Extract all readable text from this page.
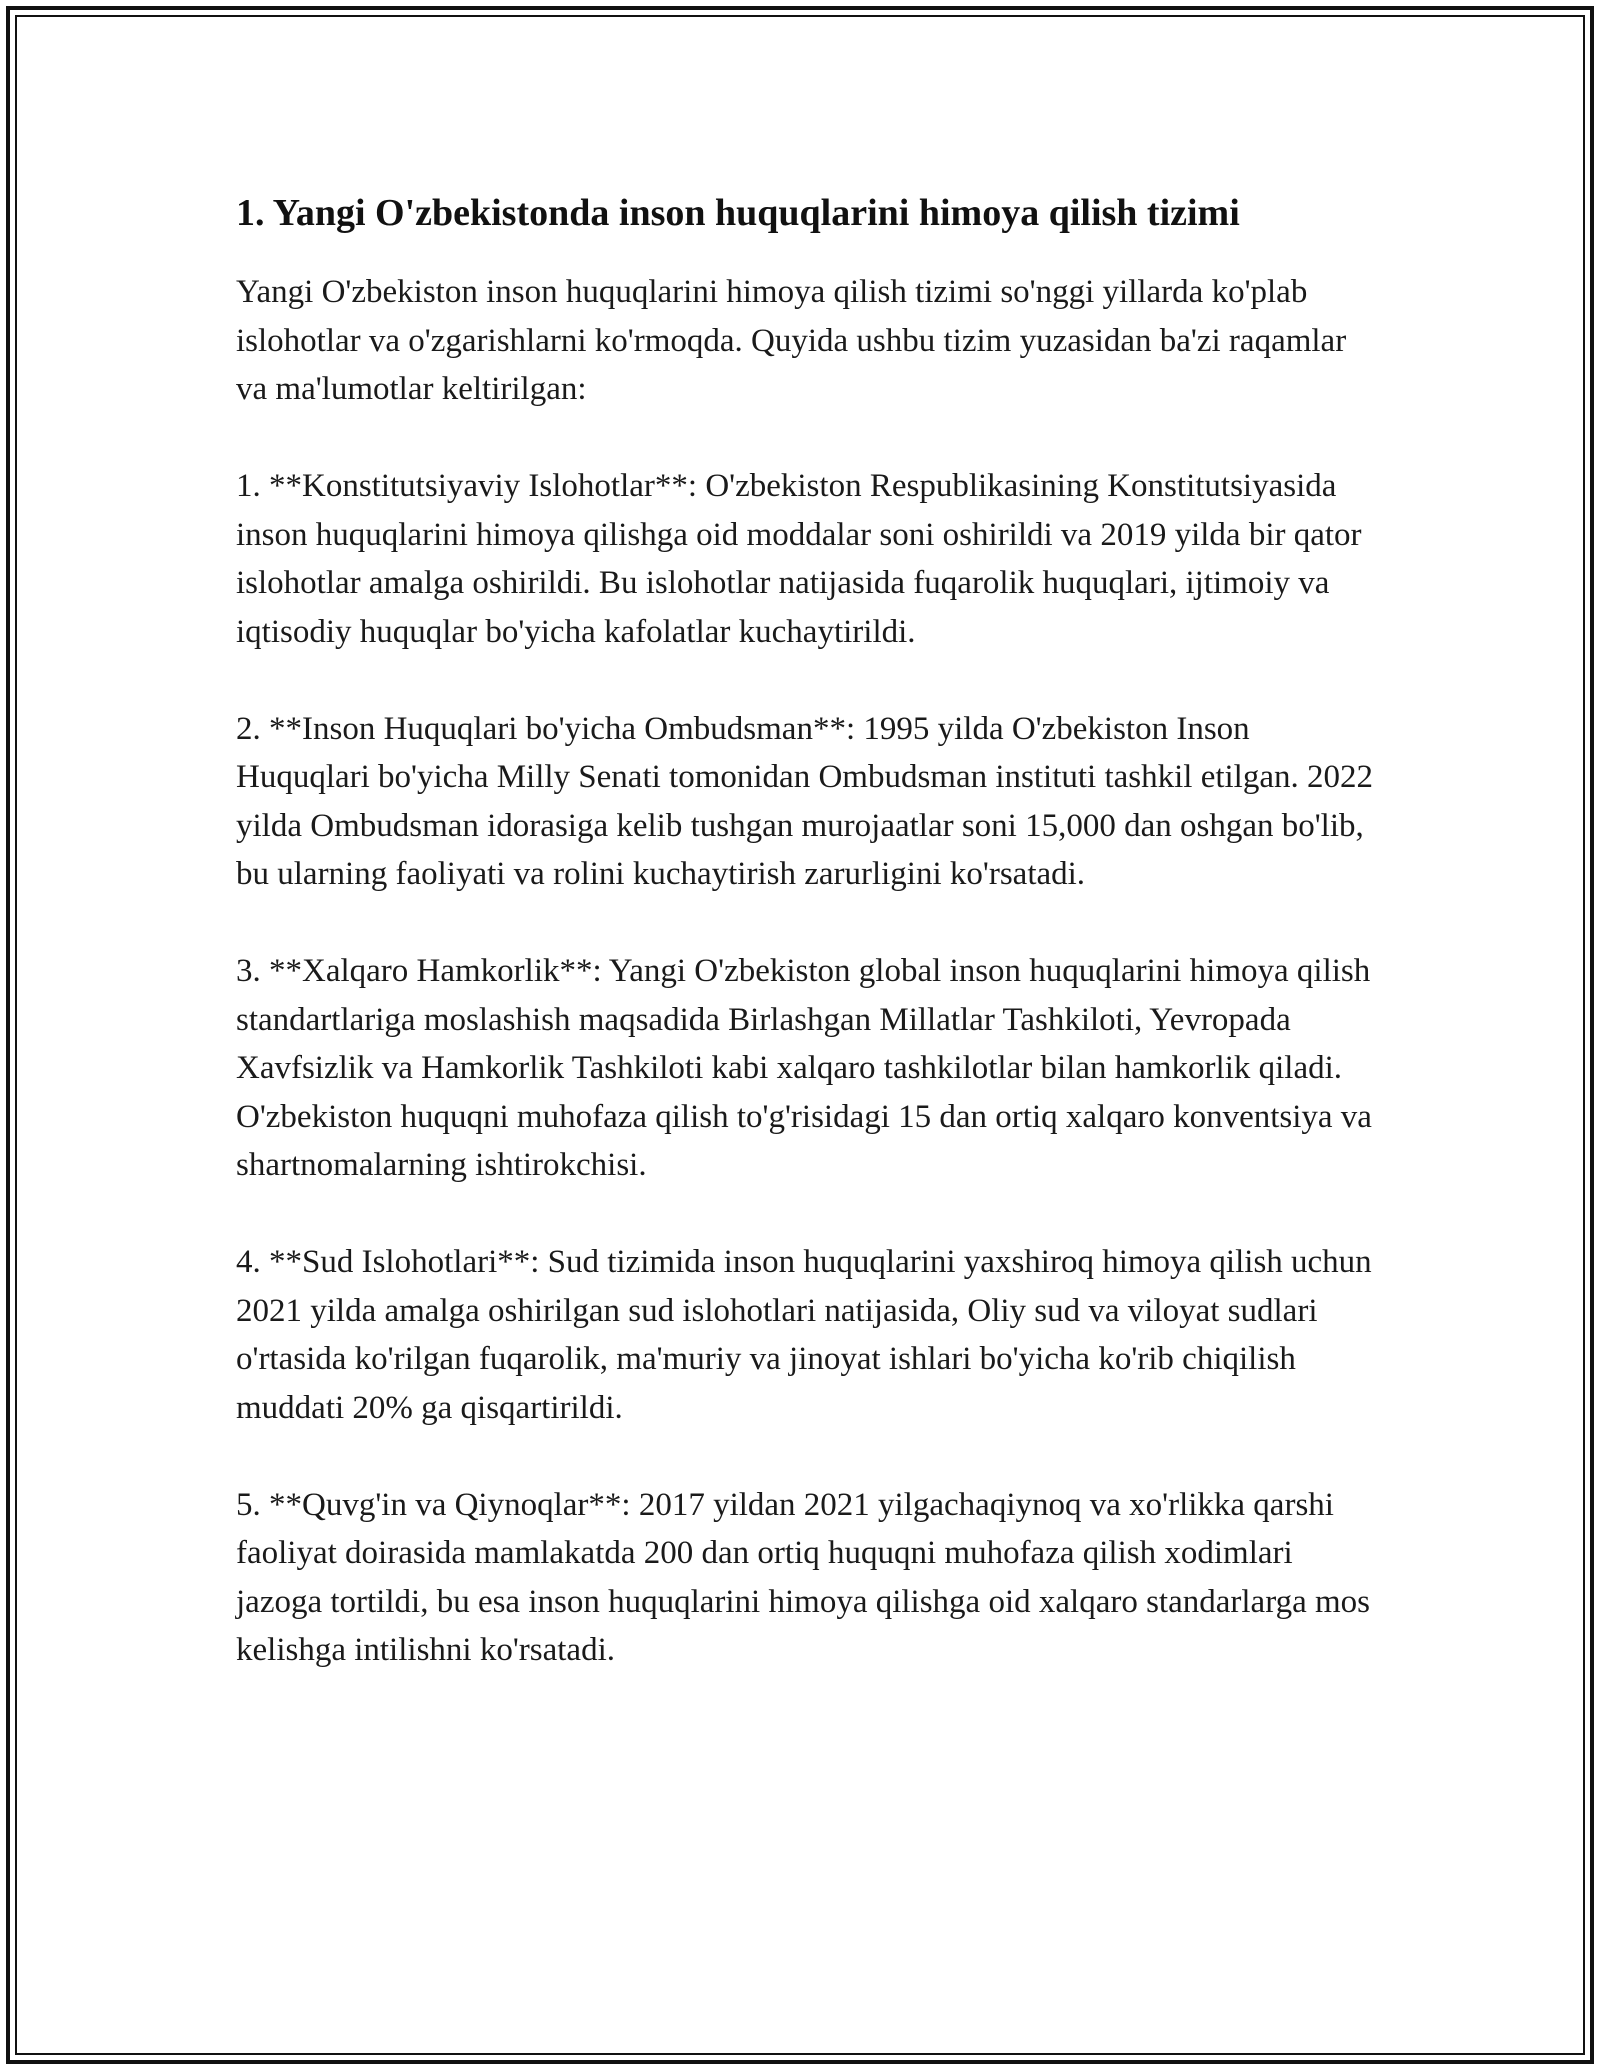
1. Yangi O'zbekistonda inson huquqlarini himoya qilish tizimi

Yangi O'zbekiston inson huquqlarini himoya qilish tizimi so'nggi yillarda ko'plab islohotlar va o'zgarishlarni ko'rmoqda. Quyida ushbu tizim yuzasidan ba'zi raqamlar va ma'lumotlar keltirilgan:

1. **Konstitutsiyaviy Islohotlar**: O'zbekiston Respublikasining Konstitutsiyasida inson huquqlarini himoya qilishga oid moddalar soni oshirildi va 2019 yilda bir qator islohotlar amalga oshirildi. Bu islohotlar natijasida fuqarolik huquqlari, ijtimoiy va iqtisodiy huquqlar bo'yicha kafolatlar kuchaytirildi.

2. **Inson Huquqlari bo'yicha Ombudsman**: 1995 yilda O'zbekiston Inson Huquqlari bo'yicha Milly Senati tomonidan Ombudsman instituti tashkil etilgan. 2022 yilda Ombudsman idorasiga kelib tushgan murojaatlar soni 15,000 dan oshgan bo'lib, bu ularning faoliyati va rolini kuchaytirish zarurligini ko'rsatadi.

3. **Xalqaro Hamkorlik**: Yangi O'zbekiston global inson huquqlarini himoya qilish standartlariga moslashish maqsadida Birlashgan Millatlar Tashkiloti, Yevropada Xavfsizlik va Hamkorlik Tashkiloti kabi xalqaro tashkilotlar bilan hamkorlik qiladi. O'zbekiston huquqni muhofaza qilish to'g'risidagi 15 dan ortiq xalqaro konventsiya va shartnomalarning ishtirokchisi.

4. **Sud Islohotlari**: Sud tizimida inson huquqlarini yaxshiroq himoya qilish uchun 2021 yilda amalga oshirilgan sud islohotlari natijasida, Oliy sud va viloyat sudlari o'rtasida ko'rilgan fuqarolik, ma'muriy va jinoyat ishlari bo'yicha ko'rib chiqilish muddati 20% ga qisqartirildi.

5. **Quvg'in va Qiynoqlar**: 2017 yildan 2021 yilgachaqiynoq va xo'rlikka qarshi faoliyat doirasida mamlakatda 200 dan ortiq huquqni muhofaza qilish xodimlari jazoga tortildi, bu esa inson huquqlarini himoya qilishga oid xalqaro standarlarga mos kelishga intilishni ko'rsatadi.
